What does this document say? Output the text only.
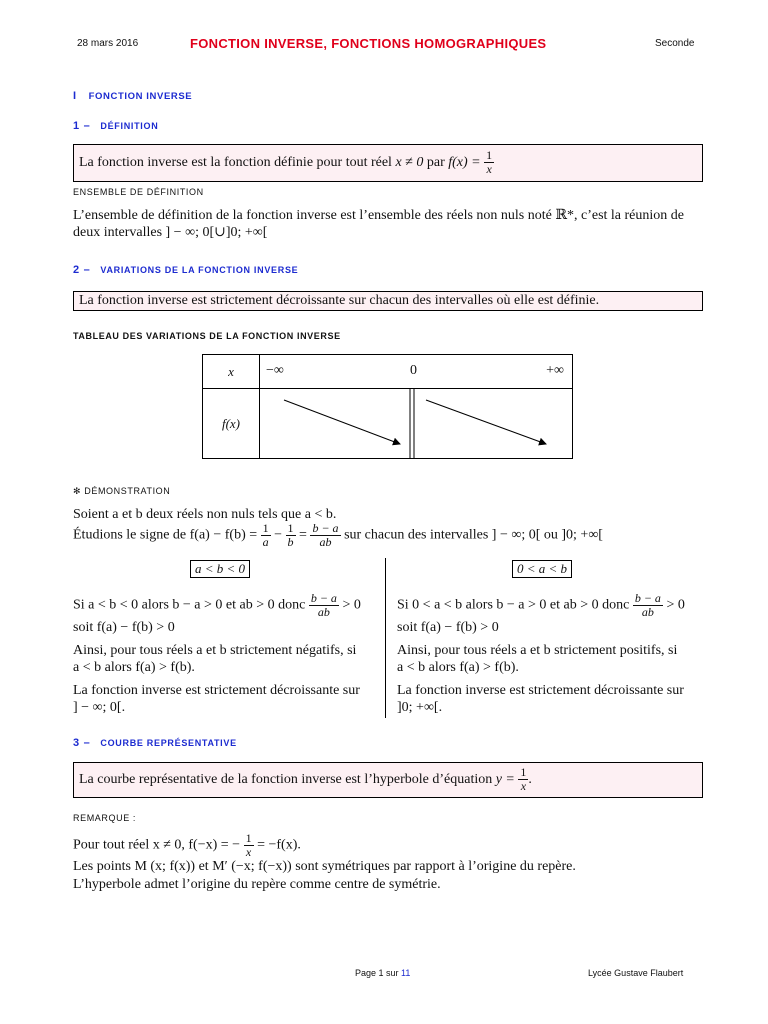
28 mars 2016	FONCTION INVERSE, FONCTIONS HOMOGRAPHIQUES	Seconde
I FONCTION INVERSE
1 – DÉFINITION
La fonction inverse est la fonction définie pour tout réel x ≠ 0 par $f(x) = \frac{1}{x}$
ENSEMBLE DE DÉFINITION
L’ensemble de définition de la fonction inverse est l’ensemble des réels non nuls noté ℝ*, c’est la réunion de
deux intervalles ] − ∞; 0[∪]0; +∞[
2 – VARIATIONS DE LA FONCTION INVERSE
La fonction inverse est strictement décroissante sur chacun des intervalles où elle est définie.
TABLEAU DES VARIATIONS DE LA FONCTION INVERSE
x	−∞ 0 +∞

f(x)	
✻ DÉMONSTRATION
Soient a et b deux réels non nuls tels que a < b.
Étudions le signe de $f(a) - f(b) = \frac{1}{a} - \frac{1}{b} = \frac{b - a}{ab}$ sur chacun des intervalles ] − ∞; 0[ ou ]0; +∞[
a < b < 0	0 < a < b
Si a < b < 0 alors b − a > 0 et ab > 0 donc $\frac{b - a}{ab} > 0$
soit f(a) − f(b) > 0
Ainsi, pour tous réels a et b strictement négatifs, si
a < b alors f(a) > f(b).
La fonction inverse est strictement décroissante sur
] − ∞; 0[.
Si 0 < a < b alors b − a > 0 et ab > 0 donc $\frac{b - a}{ab} > 0$
soit f(a) − f(b) > 0
Ainsi, pour tous réels a et b strictement positifs, si
a < b alors f(a) > f(b).
La fonction inverse est strictement décroissante sur
]0; +∞[.
3 – COURBE REPRÉSENTATIVE
La courbe représentative de la fonction inverse est l’hyperbole d’équation $y = \frac{1}{x}$ .
REMARQUE :
Pour tout réel x ≠ 0, f(−x) = − $\frac{1}{x} = -f(x)$.
Les points M (x; f(x)) et M′ (−x; f(−x)) sont symétriques par rapport à l’origine du repère.
L’hyperbole admet l’origine du repère comme centre de symétrie.
Page 1 sur 11	Lycée Gustave Flaubert
